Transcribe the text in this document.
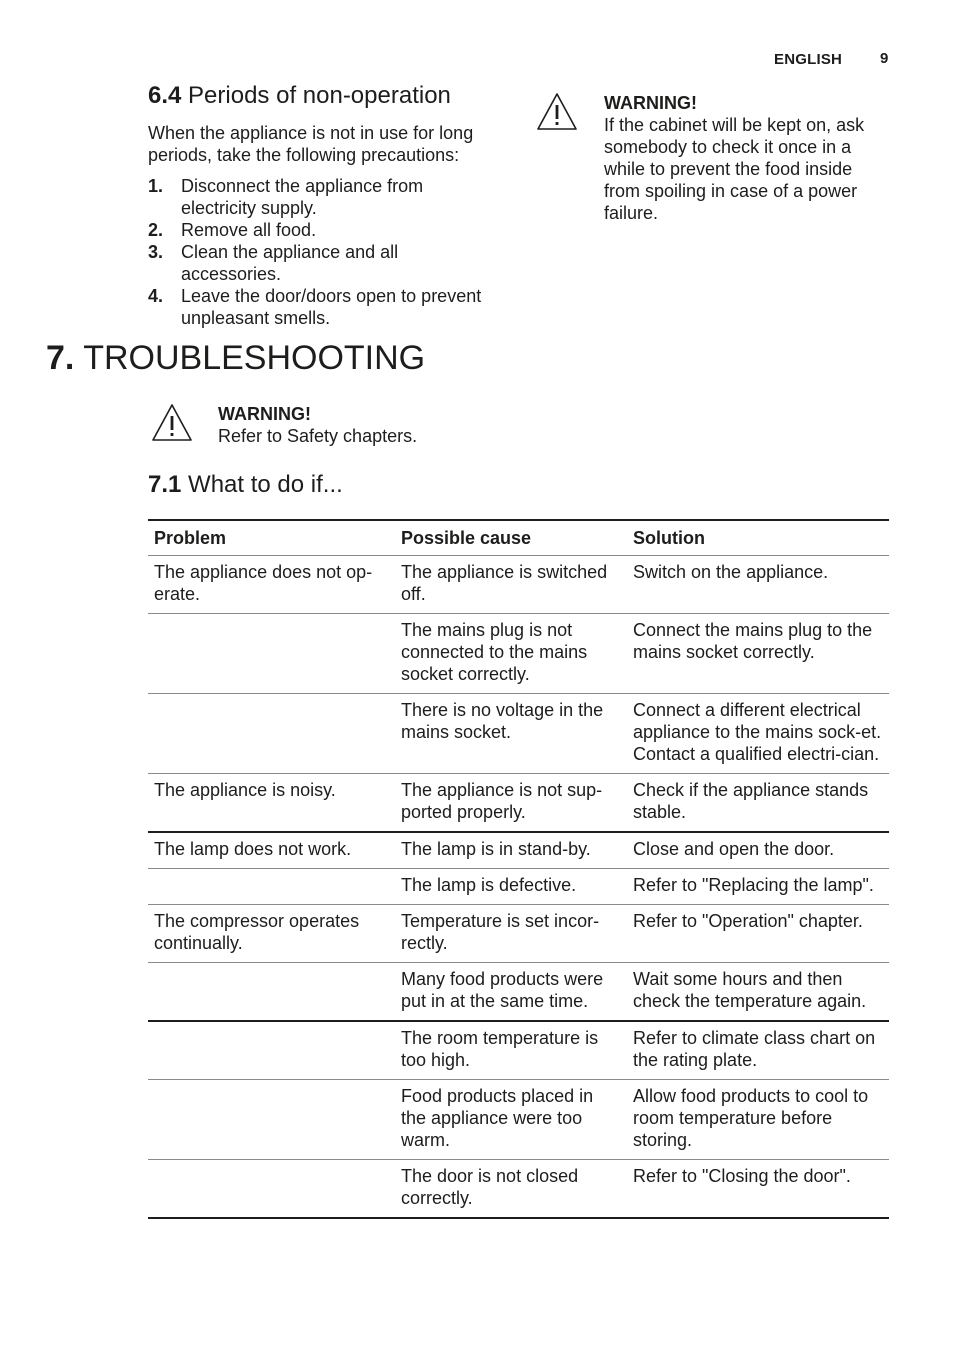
ENGLISH	9
6.4 Periods of non-operation

When the appliance is not in use for long periods, take the following precautions:

1. Disconnect the appliance from electricity supply.
2. Remove all food.
3. Clean the appliance and all accessories.
4. Leave the door/doors open to prevent unpleasant smells.
WARNING!
If the cabinet will be kept on, ask somebody to check it once in a while to prevent the food inside from spoiling in case of a power failure.
7. TROUBLESHOOTING
WARNING!
Refer to Safety chapters.
7.1 What to do if...
Problem	Possible cause	Solution
The appliance does not op-erate.	The appliance is switched off.	Switch on the appliance.
	The mains plug is not connected to the mains socket correctly.	Connect the mains plug to the mains socket correctly.
	There is no voltage in the mains socket.	Connect a different electrical appliance to the mains sock-et. Contact a qualified electri-cian.
The appliance is noisy.	The appliance is not sup-ported properly.	Check if the appliance stands stable.
The lamp does not work.	The lamp is in stand-by.	Close and open the door.
	The lamp is defective.	Refer to "Replacing the lamp".
The compressor operates continually.	Temperature is set incor-rectly.	Refer to "Operation" chapter.
	Many food products were put in at the same time.	Wait some hours and then check the temperature again.
	The room temperature is too high.	Refer to climate class chart on the rating plate.
	Food products placed in the appliance were too warm.	Allow food products to cool to room temperature before storing.
	The door is not closed correctly.	Refer to "Closing the door".
